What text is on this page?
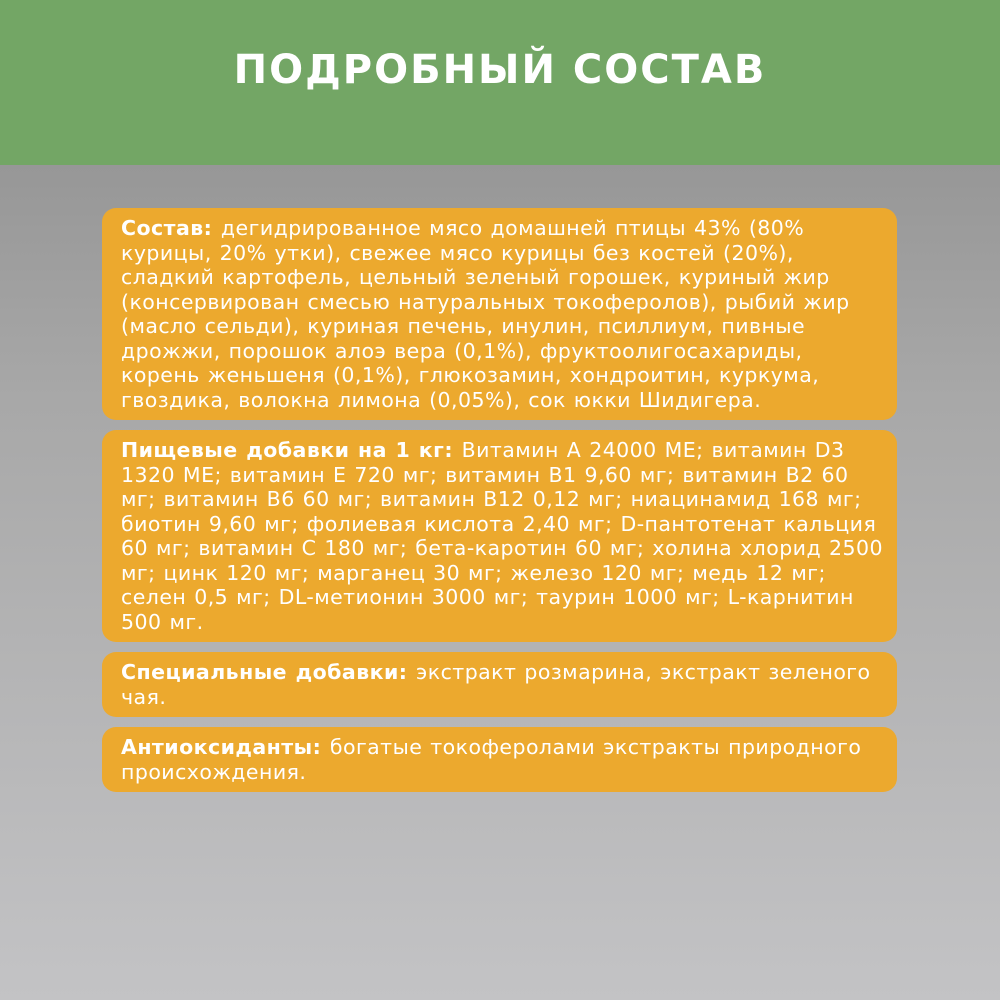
ПОДРОБНЫЙ СОСТАВ
Состав: дегидрированное мясо домашней птицы 43% (80% курицы, 20% утки), свежее мясо курицы без костей (20%), сладкий картофель, цельный зеленый горошек, куриный жир (консервирован смесью натуральных токоферолов), рыбий жир (масло сельди), куриная печень, инулин, псиллиум, пивные дрожжи, порошок алоэ вера (0,1%), фруктоолигосахариды, корень женьшеня (0,1%), глюкозамин, хондроитин, куркума, гвоздика, волокна лимона (0,05%), сок юкки Шидигера.
Пищевые добавки на 1 кг: Витамин А 24000 МЕ; витамин D3 1320 МЕ; витамин Е 720 мг; витамин В1 9,60 мг; витамин В2 60 мг; витамин В6 60 мг; витамин В12 0,12 мг; ниацинамид 168 мг; биотин 9,60 мг; фолиевая кислота 2,40 мг; D-пантотенат кальция 60 мг; витамин С 180 мг; бета-каротин 60 мг; холина хлорид 2500 мг; цинк 120 мг; марганец 30 мг; железо 120 мг; медь 12 мг; селен 0,5 мг; DL-метионин 3000 мг; таурин 1000 мг; L-карнитин 500 мг.
Специальные добавки: экстракт розмарина, экстракт зеленого чая.
Антиоксиданты: богатые токоферолами экстракты природного происхождения.
